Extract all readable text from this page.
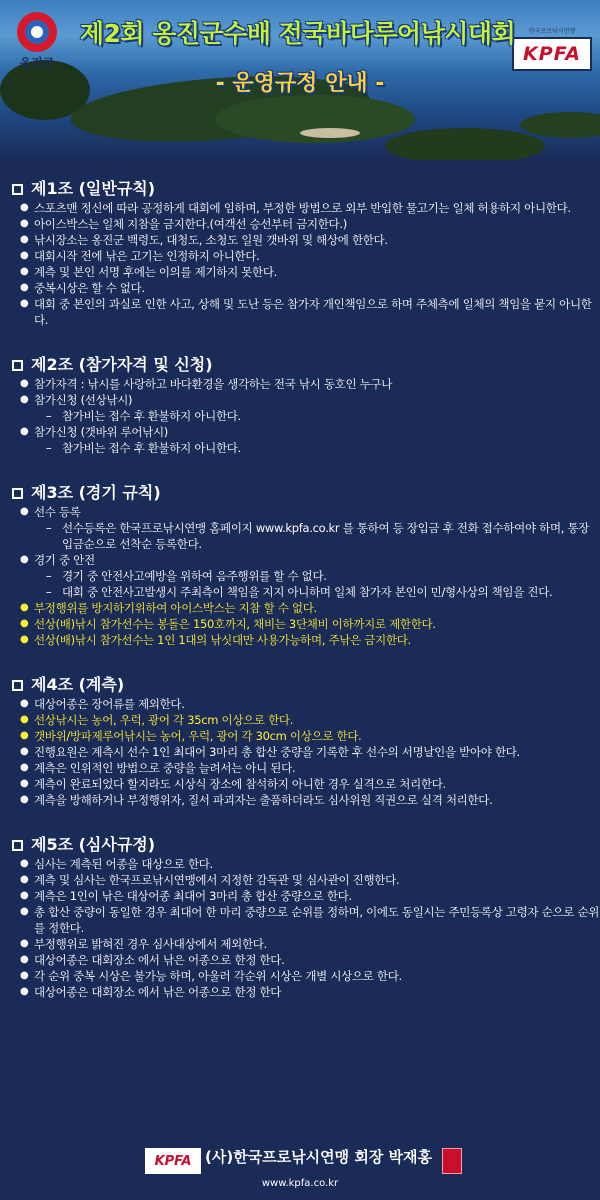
옹진군
한국프로낚시연맹
KPFA
제2회 옹진군수배 전국바다루어낚시대회
- 운영규정 안내 -
제1조 (일반규칙)
● 스포츠맨 정신에 따라 공정하게 대회에 임하며, 부정한 방법으로 외부 반입한 물고기는 일체 허용하지 아니한다.
● 아이스박스는 일체 지참을 금지한다.(여객선 승선부터 금지한다.)
● 낚시장소는 옹진군 백령도, 대청도, 소청도 일원 갯바위 및 해상에 한한다.
● 대회시작 전에 낚은 고기는 인정하지 아니한다.
● 계측 및 본인 서명 후에는 이의를 제기하지 못한다.
● 중복시상은 할 수 없다.
● 대회 중 본인의 과실로 인한 사고, 상해 및 도난 등은 참가자 개인책임으로 하며 주체측에 일체의 책임을 묻지 아니한다.
제2조 (참가자격 및 신청)
● 참가자격 : 낚시를 사랑하고 바다환경을 생각하는 전국 낚시 동호인 누구나
● 참가신청 (선상낚시)
– 참가비는 접수 후 환불하지 아니한다.
● 참가신청 (갯바위 루어낚시)
– 참가비는 접수 후 환불하지 아니한다.
제3조 (경기 규칙)
● 선수 등록
– 선수등록은 한국프로낚시연맹 홈페이지 www.kpfa.co.kr 를 통하여 등 장입금 후 전화 접수하여야 하며, 통장 입금순으로 선착순 등록한다.
● 경기 중 안전
– 경기 중 안전사고예방을 위하여 음주행위를 할 수 없다.
– 대회 중 안전사고발생시 주최측이 책임을 지지 아니하며 일체 참가자 본인이 민/형사상의 책임을 진다.
● 부정행위를 방지하기위하여 아이스박스는 지참 할 수 없다.
● 선상(배)낚시 참가선수는 봉돌은 150호까지, 채비는 3단채비 이하까지로 제한한다.
● 선상(배)낚시 참가선수는 1인 1대의 낚싯대만 사용가능하며, 주낚은 금지한다.
제4조 (계측)
● 대상어종은 장어류를 제외한다.
● 선상낚시는 농어, 우럭, 광어 각 35cm 이상으로 한다.
● 갯바위/방파제루어낚시는 농어, 우럭, 광어 각 30cm 이상으로 한다.
● 진행요원은 계측시 선수 1인 최대어 3마리 총 합산 중량을 기록한 후 선수의 서명날인을 받아야 한다.
● 계측은 인위적인 방법으로 중량을 늘려서는 아니 된다.
● 계측이 완료되었다 할지라도 시상식 장소에 참석하지 아니한 경우 실격으로 처리한다.
● 계측을 방해하거나 부정행위자, 질서 파괴자는 출품하더라도 심사위원 직권으로 실격 처리한다.
제5조 (심사규정)
● 심사는 계측된 어종을 대상으로 한다.
● 계측 및 심사는 한국프로낚시연맹에서 지정한 감독관 및 심사관이 진행한다.
● 계측은 1인이 낚은 대상어종 최대어 3마리 총 합산 중량으로 한다.
● 총 합산 중량이 동일한 경우 최대어 한 마리 중량으로 순위를 정하며, 이에도 동일시는 주민등록상 고령자 순으로 순위를 정한다.
● 부정행위로 밝혀진 경우 심사대상에서 제외한다.
● 대상어종은 대회장소 에서 낚은 어종으로 한정 한다.
● 각 순위 중복 시상은 불가능 하며, 아울러 각순위 시상은 개별 시상으로 한다.
● 대상어종은 대회장소 에서 낚은 어종으로 한정 한다
KPFA (사)한국프로낚시연맹 회장 박재홍
www.kpfa.co.kr
